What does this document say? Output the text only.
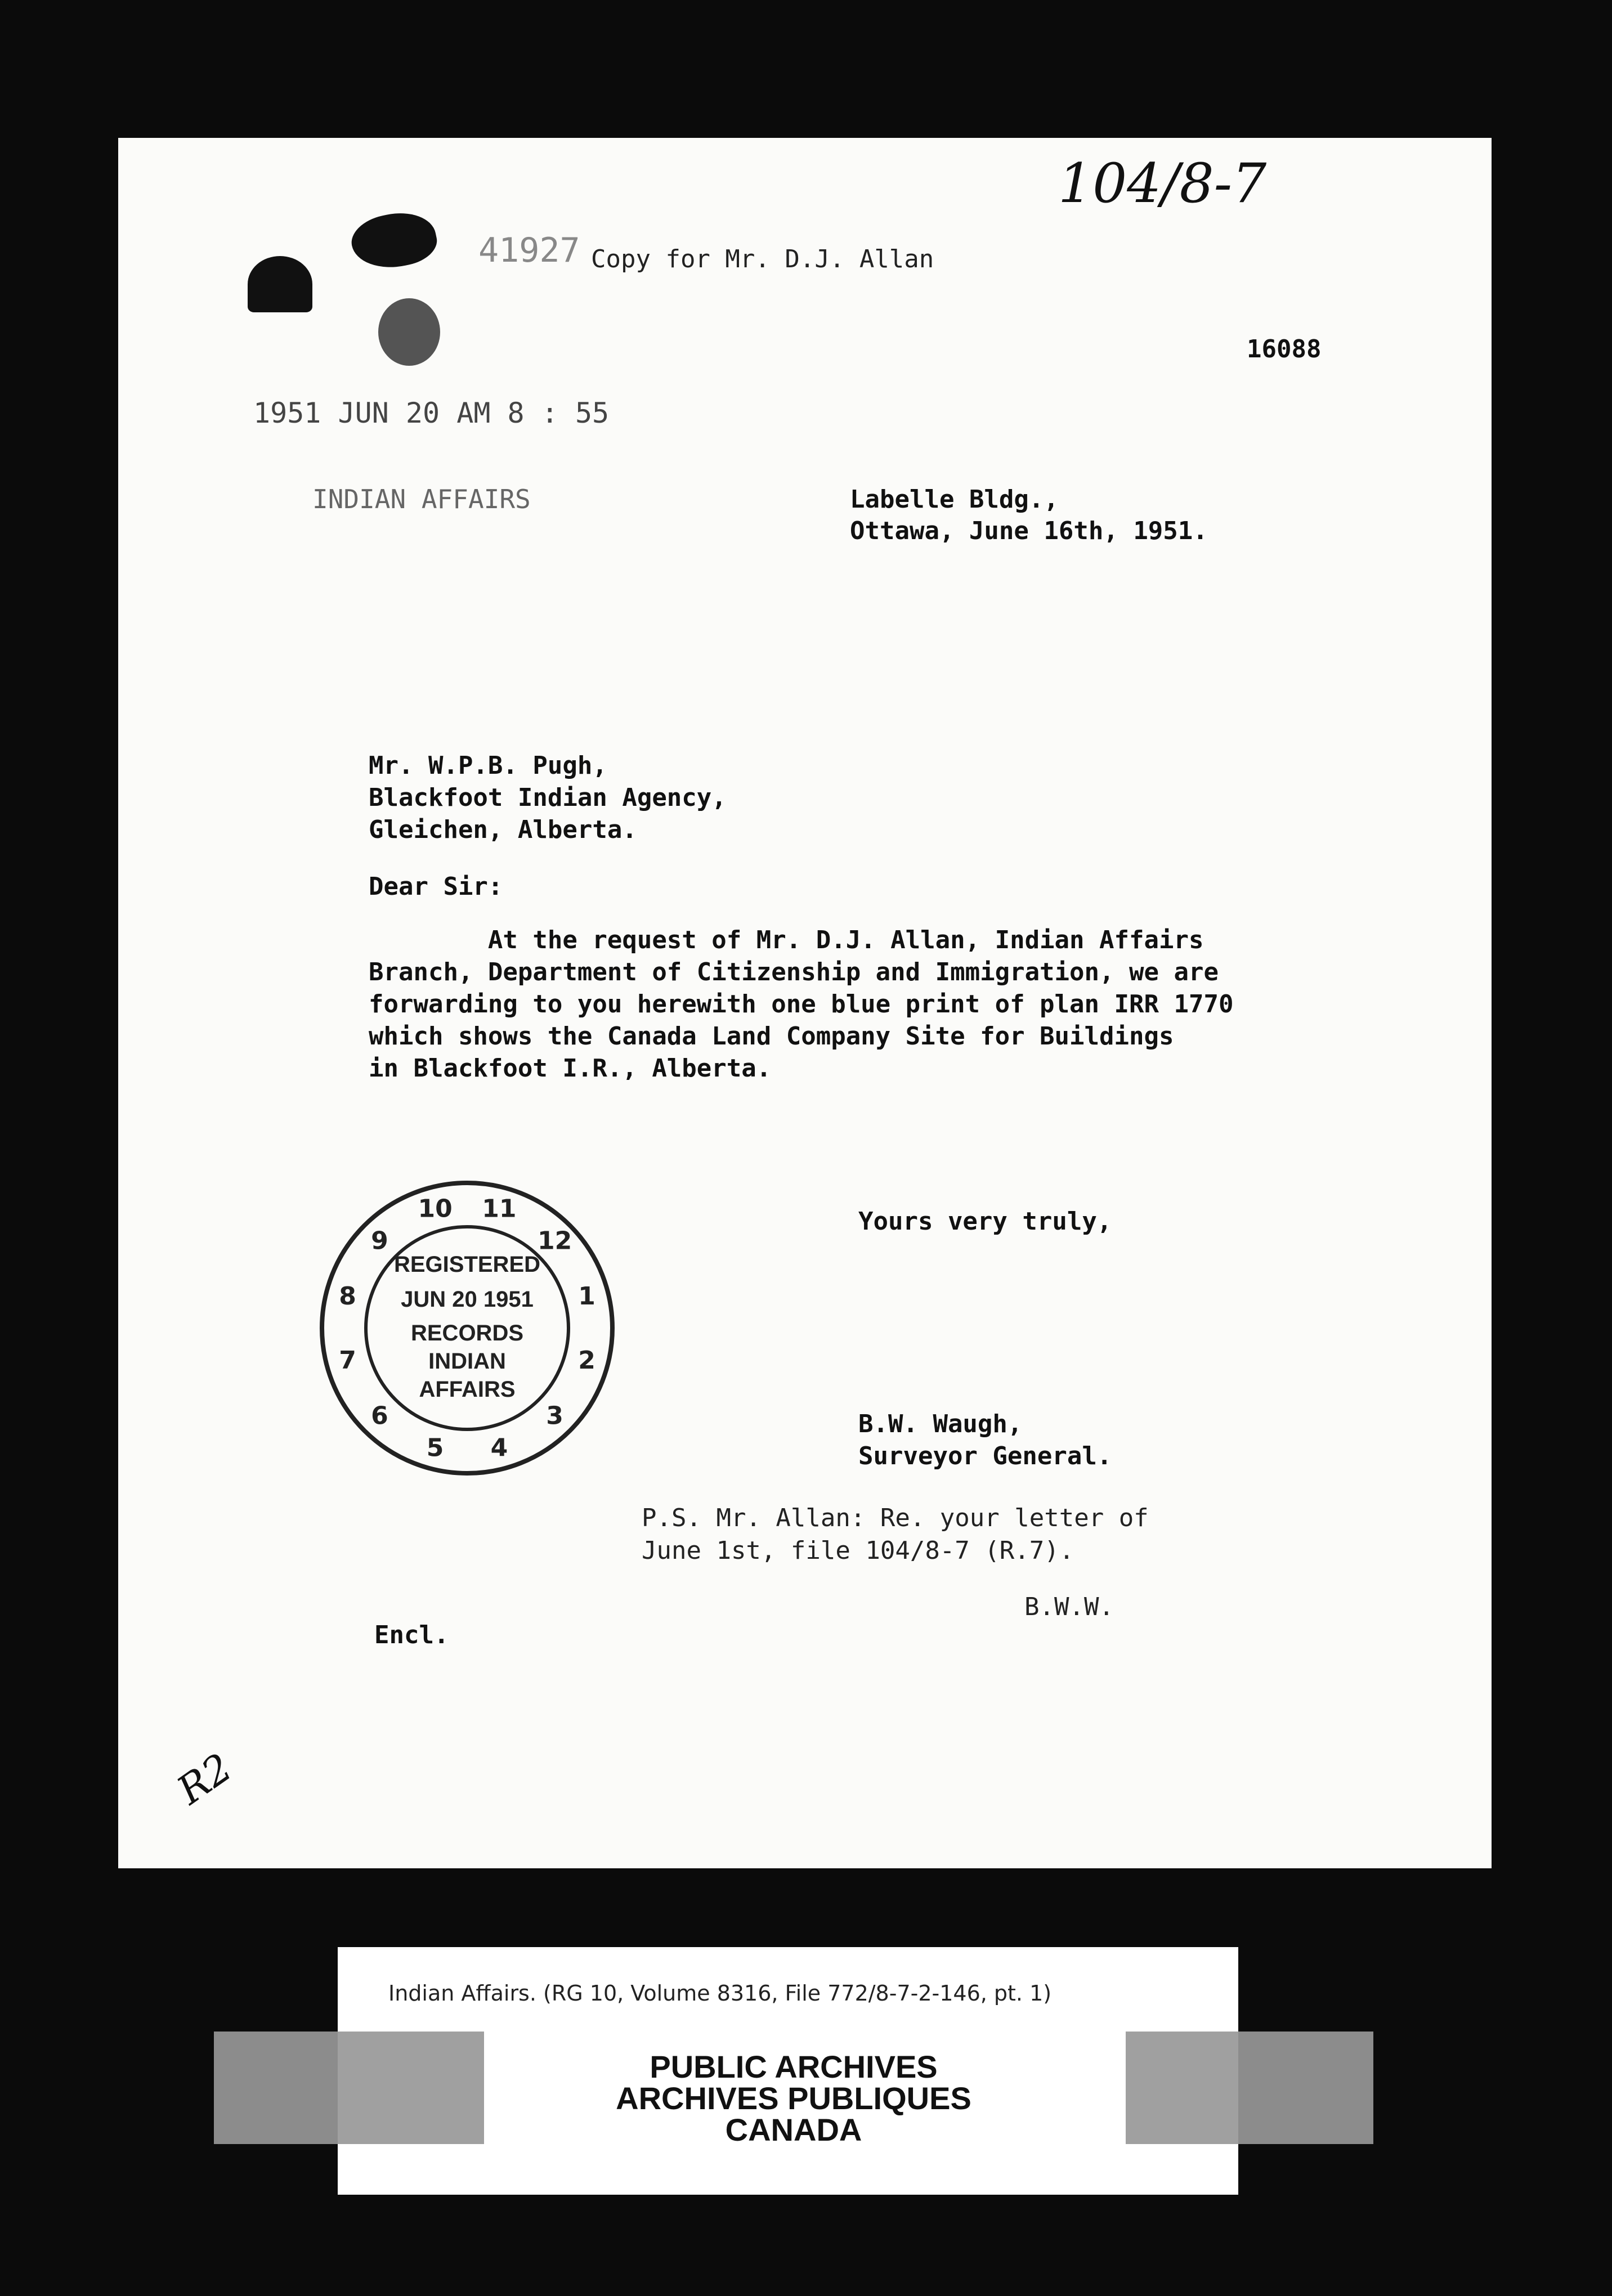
104/8-7
41927 Copy for Mr. D.J. Allan
16088
1951 JUN 20 AM 8 : 55
INDIAN AFFAIRS	Labelle Bldg.,
Ottawa, June 16th, 1951.
Mr. W.P.B. Pugh,
Blackfoot Indian Agency,
Gleichen, Alberta.
Dear Sir:
At the request of Mr. D.J. Allan, Indian Affairs
Branch, Department of Citizenship and Immigration, we are
forwarding to you herewith one blue print of plan IRR 1770
which shows the Canada Land Company Site for Buildings
in Blackfoot I.R., Alberta.
10 11
12
1
2
3
4
5
6
7
8
9
REGISTERED
JUN 20 1951
RECORDS
INDIAN
AFFAIRS
Yours very truly,
B.W. Waugh,
Surveyor General.
P.S. Mr. Allan: Re. your letter of
June 1st, file 104/8-7 (R.7).
B.W.W.
Encl.
R2
Indian Affairs. (RG 10, Volume 8316, File 772/8-7-2-146, pt. 1)
PUBLIC ARCHIVES
ARCHIVES PUBLIQUES
CANADA
